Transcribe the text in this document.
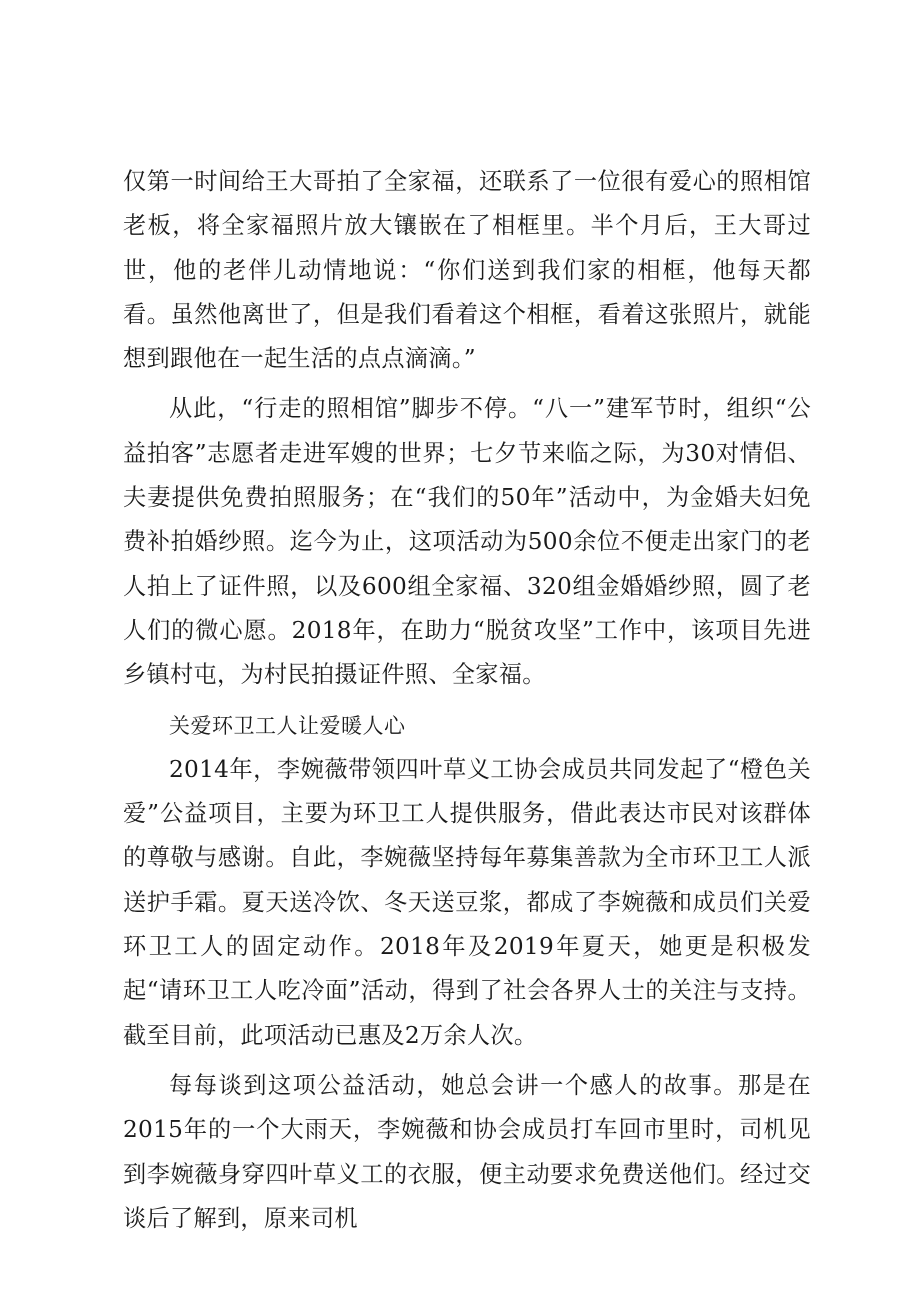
仅第一时间给王大哥拍了全家福，还联系了一位很有爱心的照相馆老板，将全家福照片放大镶嵌在了相框里。半个月后，王大哥过世，他的老伴儿动情地说：“你们送到我们家的相框，他每天都看。虽然他离世了，但是我们看着这个相框，看着这张照片，就能想到跟他在一起生活的点点滴滴。”

从此，“行走的照相馆”脚步不停。“八一”建军节时，组织“公益拍客”志愿者走进军嫂的世界；七夕节来临之际，为30对情侣、夫妻提供免费拍照服务；在“我们的50年”活动中，为金婚夫妇免费补拍婚纱照。迄今为止，这项活动为500余位不便走出家门的老人拍上了证件照，以及600组全家福、320组金婚婚纱照，圆了老人们的微心愿。2018年，在助力“脱贫攻坚”工作中，该项目先进乡镇村屯，为村民拍摄证件照、全家福。

关爱环卫工人让爱暖人心

2014年，李婉薇带领四叶草义工协会成员共同发起了“橙色关爱”公益项目，主要为环卫工人提供服务，借此表达市民对该群体的尊敬与感谢。自此，李婉薇坚持每年募集善款为全市环卫工人派送护手霜。夏天送冷饮、冬天送豆浆，都成了李婉薇和成员们关爱环卫工人的固定动作。2018年及2019年夏天，她更是积极发起“请环卫工人吃冷面”活动，得到了社会各界人士的关注与支持。截至目前，此项活动已惠及2万余人次。

每每谈到这项公益活动，她总会讲一个感人的故事。那是在2015年的一个大雨天，李婉薇和协会成员打车回市里时，司机见到李婉薇身穿四叶草义工的衣服，便主动要求免费送他们。经过交谈后了解到，原来司机
